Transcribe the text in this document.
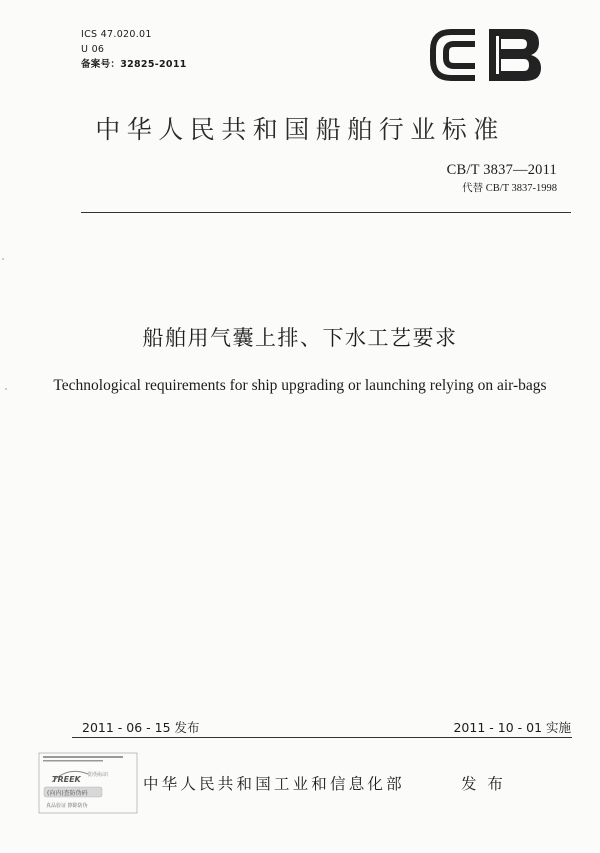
ICS 47.020.01
U 06
备案号：32825-2011
中华人民共和国船舶行业标准
CB/T 3837—2011
代替 CB/T 3837-1998
船舶用气囊上排、下水工艺要求
Technological requirements for ship upgrading or launching relying on air-bags
2011 - 06 - 15 发布	2011 - 10 - 01 实施
TREEK 防伪标识
(向内)查防伪码
真品验证 擦除防伪
中华人民共和国工业和信息化部	发 布
